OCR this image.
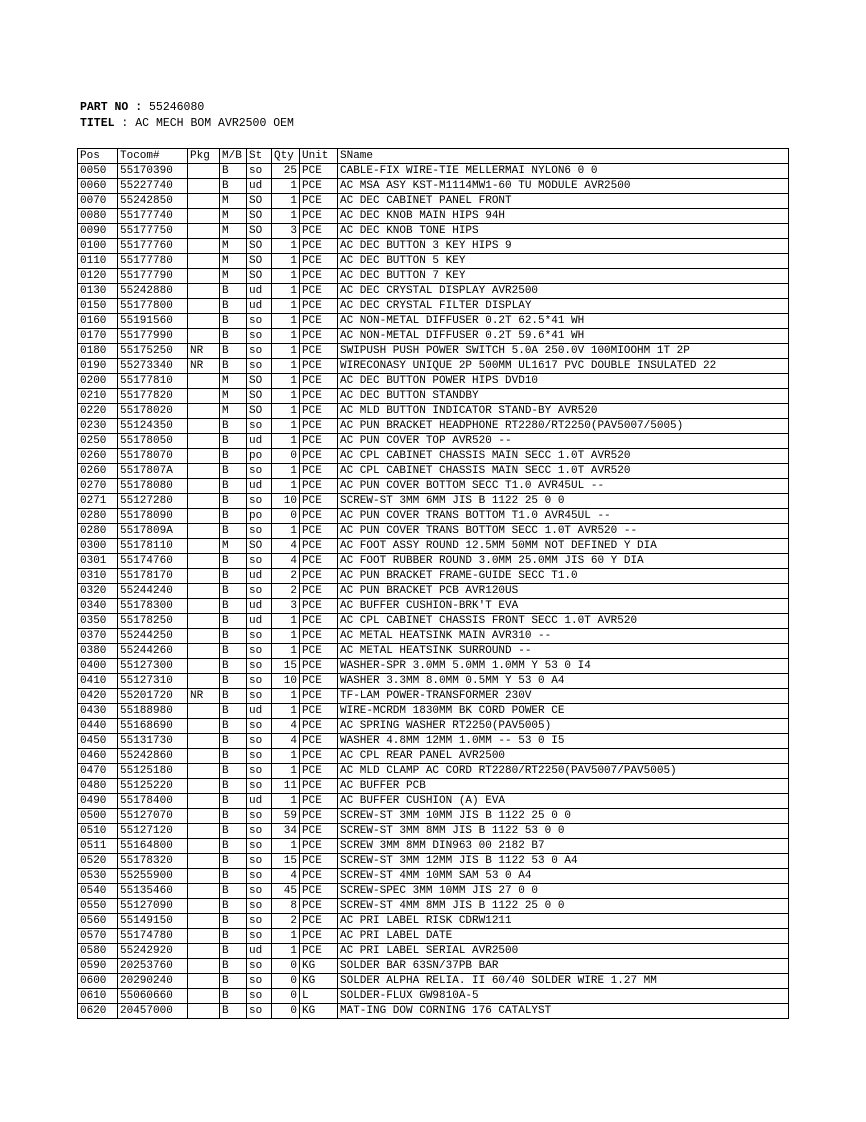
PART NO : 55246080
TITEL : AC MECH BOM AVR2500 OEM
Pos	Tocom#	Pkg	M/B	St	Qty	Unit	SName
0050	55170390		B	so	25	PCE	CABLE-FIX WIRE-TIE MELLERMAI NYLON6 0 0
0060	55227740		B	ud	1	PCE	AC MSA ASY KST-M1114MW1-60 TU MODULE AVR2500
0070	55242850		M	SO	1	PCE	AC DEC CABINET PANEL FRONT
0080	55177740		M	SO	1	PCE	AC DEC KNOB MAIN HIPS 94H
0090	55177750		M	SO	3	PCE	AC DEC KNOB TONE HIPS
0100	55177760		M	SO	1	PCE	AC DEC BUTTON 3 KEY HIPS 9
0110	55177780		M	SO	1	PCE	AC DEC BUTTON 5 KEY
0120	55177790		M	SO	1	PCE	AC DEC BUTTON 7 KEY
0130	55242880		B	ud	1	PCE	AC DEC CRYSTAL DISPLAY AVR2500
0150	55177800		B	ud	1	PCE	AC DEC CRYSTAL FILTER DISPLAY
0160	55191560		B	so	1	PCE	AC NON-METAL DIFFUSER 0.2T 62.5*41 WH
0170	55177990		B	so	1	PCE	AC NON-METAL DIFFUSER 0.2T 59.6*41 WH
0180	55175250	NR	B	so	1	PCE	SWIPUSH PUSH POWER SWITCH 5.0A 250.0V 100MIOOHM 1T 2P
0190	55273340	NR	B	so	1	PCE	WIRECONASY UNIQUE 2P 500MM UL1617 PVC DOUBLE INSULATED 22
0200	55177810		M	SO	1	PCE	AC DEC BUTTON POWER HIPS DVD10
0210	55177820		M	SO	1	PCE	AC DEC BUTTON STANDBY
0220	55178020		M	SO	1	PCE	AC MLD BUTTON INDICATOR STAND-BY AVR520
0230	55124350		B	so	1	PCE	AC PUN BRACKET HEADPHONE RT2280/RT2250(PAV5007/5005)
0250	55178050		B	ud	1	PCE	AC PUN COVER TOP AVR520 --
0260	55178070		B	po	0	PCE	AC CPL CABINET CHASSIS MAIN SECC 1.0T AVR520
0260	5517807A		B	so	1	PCE	AC CPL CABINET CHASSIS MAIN SECC 1.0T AVR520
0270	55178080		B	ud	1	PCE	AC PUN COVER BOTTOM SECC T1.0 AVR45UL --
0271	55127280		B	so	10	PCE	SCREW-ST 3MM 6MM JIS B 1122 25 0 0
0280	55178090		B	po	0	PCE	AC PUN COVER TRANS BOTTOM T1.0 AVR45UL --
0280	5517809A		B	so	1	PCE	AC PUN COVER TRANS BOTTOM SECC 1.0T AVR520 --
0300	55178110		M	SO	4	PCE	AC FOOT ASSY ROUND 12.5MM 50MM NOT DEFINED Y DIA
0301	55174760		B	so	4	PCE	AC FOOT RUBBER ROUND 3.0MM 25.0MM JIS 60 Y DIA
0310	55178170		B	ud	2	PCE	AC PUN BRACKET FRAME-GUIDE SECC T1.0
0320	55244240		B	so	2	PCE	AC PUN BRACKET PCB AVR120US
0340	55178300		B	ud	3	PCE	AC BUFFER CUSHION-BRK'T EVA
0350	55178250		B	ud	1	PCE	AC CPL CABINET CHASSIS FRONT SECC 1.0T AVR520
0370	55244250		B	so	1	PCE	AC METAL HEATSINK MAIN AVR310 --
0380	55244260		B	so	1	PCE	AC METAL HEATSINK SURROUND --
0400	55127300		B	so	15	PCE	WASHER-SPR 3.0MM 5.0MM 1.0MM Y 53 0 I4
0410	55127310		B	so	10	PCE	WASHER 3.3MM 8.0MM 0.5MM Y 53 0 A4
0420	55201720	NR	B	so	1	PCE	TF-LAM POWER-TRANSFORMER 230V
0430	55188980		B	ud	1	PCE	WIRE-MCRDM 1830MM BK CORD POWER CE
0440	55168690		B	so	4	PCE	AC SPRING WASHER RT2250(PAV5005)
0450	55131730		B	so	4	PCE	WASHER 4.8MM 12MM 1.0MM -- 53 0 I5
0460	55242860		B	so	1	PCE	AC CPL REAR PANEL AVR2500
0470	55125180		B	so	1	PCE	AC MLD CLAMP AC CORD RT2280/RT2250(PAV5007/PAV5005)
0480	55125220		B	so	11	PCE	AC BUFFER PCB
0490	55178400		B	ud	1	PCE	AC BUFFER CUSHION (A) EVA
0500	55127070		B	so	59	PCE	SCREW-ST 3MM 10MM JIS B 1122 25 0 0
0510	55127120		B	so	34	PCE	SCREW-ST 3MM 8MM JIS B 1122 53 0 0
0511	55164800		B	so	1	PCE	SCREW 3MM 8MM DIN963 00 2182 B7
0520	55178320		B	so	15	PCE	SCREW-ST 3MM 12MM JIS B 1122 53 0 A4
0530	55255900		B	so	4	PCE	SCREW-ST 4MM 10MM SAM 53 0 A4
0540	55135460		B	so	45	PCE	SCREW-SPEC 3MM 10MM JIS 27 0 0
0550	55127090		B	so	8	PCE	SCREW-ST 4MM 8MM JIS B 1122 25 0 0
0560	55149150		B	so	2	PCE	AC PRI LABEL RISK CDRW1211
0570	55174780		B	so	1	PCE	AC PRI LABEL DATE
0580	55242920		B	ud	1	PCE	AC PRI LABEL SERIAL AVR2500
0590	20253760		B	so	0	KG	SOLDER BAR 63SN/37PB BAR
0600	20290240		B	so	0	KG	SOLDER ALPHA RELIA. II 60/40 SOLDER WIRE 1.27 MM
0610	55060660		B	so	0	L	SOLDER-FLUX GW9810A-5
0620	20457000		B	so	0	KG	MAT-ING DOW CORNING 176 CATALYST
